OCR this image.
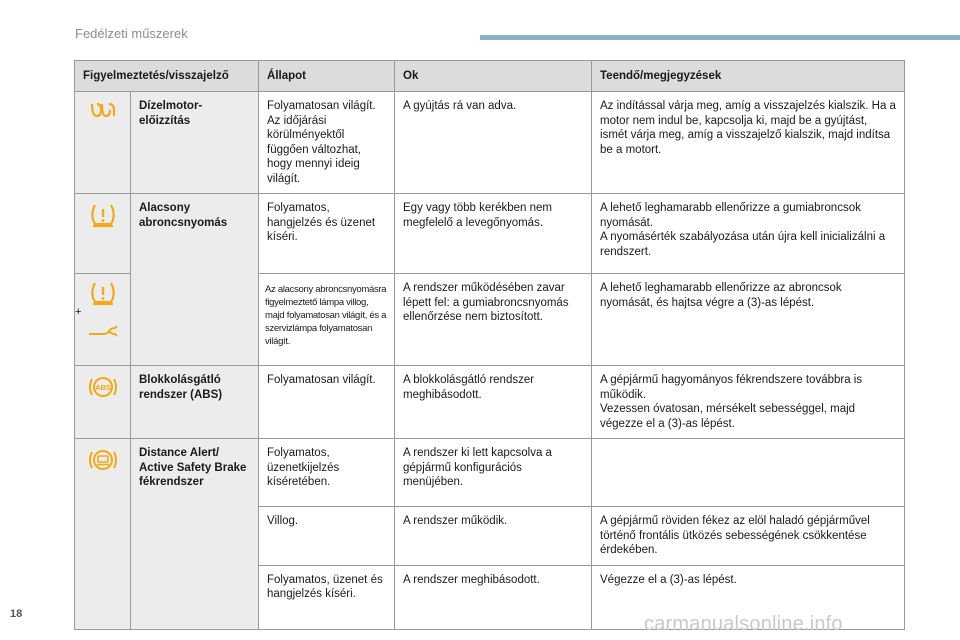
Fedélzeti műszerek
Figyelmeztetés/visszajelző		Állapot	Ok	Teendő/megjegyzések

	Dízelmotor-előizzítás	Folyamatosan világít. Az időjárási körülményektől függően változhat, hogy mennyi ideig világít.	A gyújtás rá van adva.	Az indítással várja meg, amíg a visszajelzés kialszik. Ha a motor nem indul be, kapcsolja ki, majd be a gyújtást, ismét várja meg, amíg a visszajelző kialszik, majd indítsa be a motort.

	Alacsony abroncsnyomás	Folyamatos, hangjelzés és üzenet kíséri.	Egy vagy több kerékben nem megfelelő a levegőnyomás.	A lehető leghamarabb ellenőrizze a gumiabroncsok nyomását.
A nyomásérték szabályozása után újra kell inicializálni a rendszert.

+		Az alacsony abroncsnyomásra figyelmeztető lámpa villog, majd folyamatosan világít, és a szervizlámpa folyamatosan világít.	A rendszer működésében zavar lépett fel: a gumiabroncsnyomás ellenőrzése nem biztosított.	A lehető leghamarabb ellenőrizze az abroncsok nyomását, és hajtsa végre a (3)-as lépést.

ABS	Blokkolásgátló rendszer (ABS)	Folyamatosan világít.	A blokkolásgátló rendszer meghibásodott.	A gépjármű hagyományos fékrendszere továbbra is működik.
Vezessen óvatosan, mérsékelt sebességgel, majd végezze el a (3)-as lépést.

	Distance Alert/ Active Safety Brake fékrendszer	Folyamatos, üzenetkijelzés kíséretében.	A rendszer ki lett kapcsolva a gépjármű konfigurációs menüjében.	
		Villog.	A rendszer működik.	A gépjármű röviden fékez az elöl haladó gépjárművel történő frontális ütközés sebességének csökkentése érdekében.
		Folyamatos, üzenet és hangjelzés kíséri.	A rendszer meghibásodott.	Végezze el a (3)-as lépést.
18	carmanualsonline.info
